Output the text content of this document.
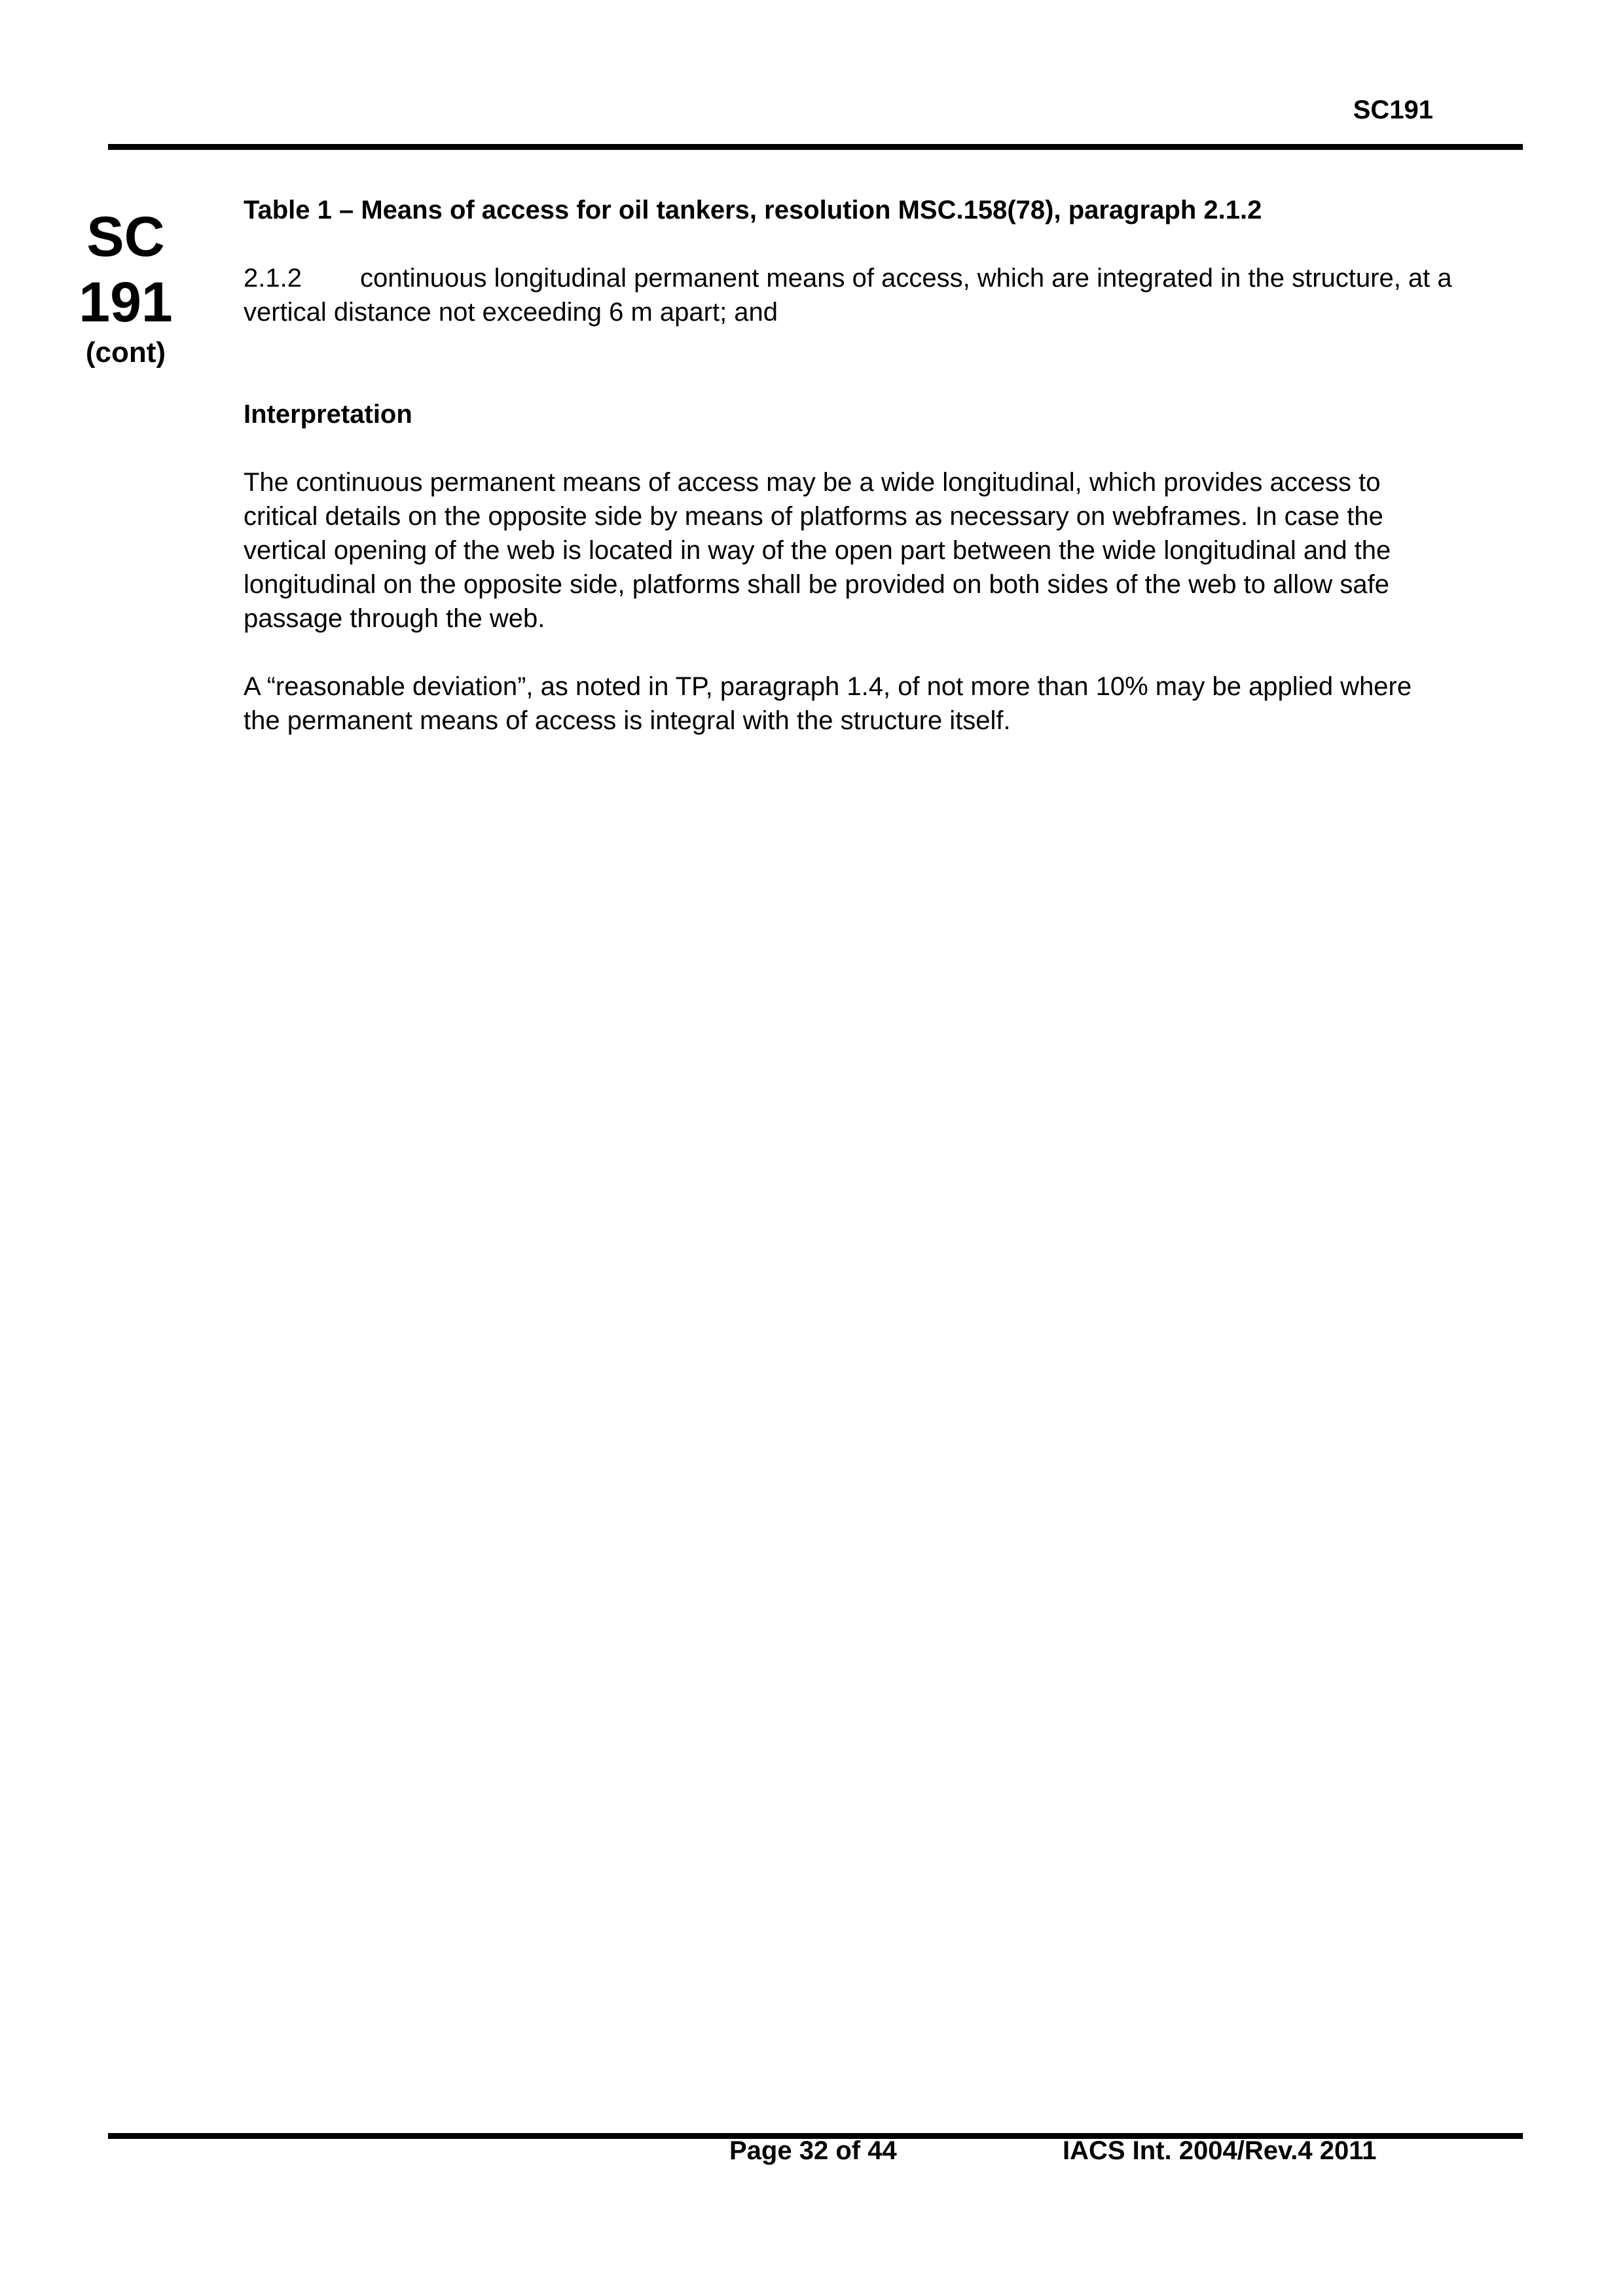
SC191
SC
191
(cont)

Table 1 – Means of access for oil tankers, resolution MSC.158(78), paragraph 2.1.2

2.1.2 continuous longitudinal permanent means of access, which are integrated in the structure, at a vertical distance not exceeding 6 m apart; and

Interpretation

The continuous permanent means of access may be a wide longitudinal, which provides access to critical details on the opposite side by means of platforms as necessary on webframes. In case the vertical opening of the web is located in way of the open part between the wide longitudinal and the longitudinal on the opposite side, platforms shall be provided on both sides of the web to allow safe passage through the web.

A “reasonable deviation”, as noted in TP, paragraph 1.4, of not more than 10% may be applied where the permanent means of access is integral with the structure itself.

Page 32 of 44	IACS Int. 2004/Rev.4 2011
